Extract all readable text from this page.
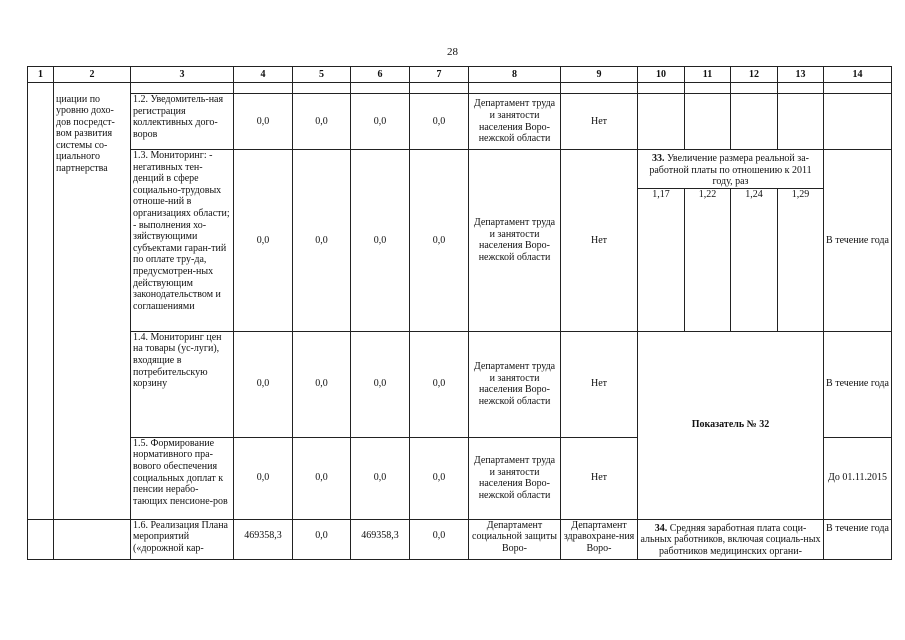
28
1	2	3	4	5	6	7	8	9	10	11	12	13	14

	циации по уровню дохо-дов посредст-вом развития системы со-циального партнерства	1.2. Уведомитель-ная регистрация коллективных дого-воров	0,0	0,0	0,0	0,0	Департамент труда и занятости населения Воро-нежской области	Нет					
		1.3. Мониторинг: - негативных тен-денций в сфере социально-трудовых отноше-ний в организациях области; - выполнения хо-зяйствующими субъектами гаран-тий по оплате тру-да, предусмотрен-ных действующим законодательством и соглашениями	0,0	0,0	0,0	0,0	Департамент труда и занятости населения Воро-нежской области	Нет	33. Увеличение размера реальной за-работной платы по отношению к 2011 году, раз				В течение года
									1,17	1,22	1,24	1,29	
		1.4. Мониторинг цен на товары (ус-луги), входящие в потребительскую корзину	0,0	0,0	0,0	0,0	Департамент труда и занятости населения Воро-нежской области	Нет	Показатель № 32				В течение года
		1.5. Формирование нормативного пра-вового обеспечения социальных доплат к пенсии нерабо-тающих пенсионе-ров	0,0	0,0	0,0	0,0	Департамент труда и занятости населения Воро-нежской области	Нет					До 01.11.2015
		1.6. Реализация Плана мероприятий («дорожной кар-	469358,3	0,0	469358,3	0,0	Департамент социальной защиты Воро-	Департамент здравохране-ния Воро-	34. Средняя заработная плата соци-альных работников, включая социаль-ных работников медицинских органи-				В течение года
